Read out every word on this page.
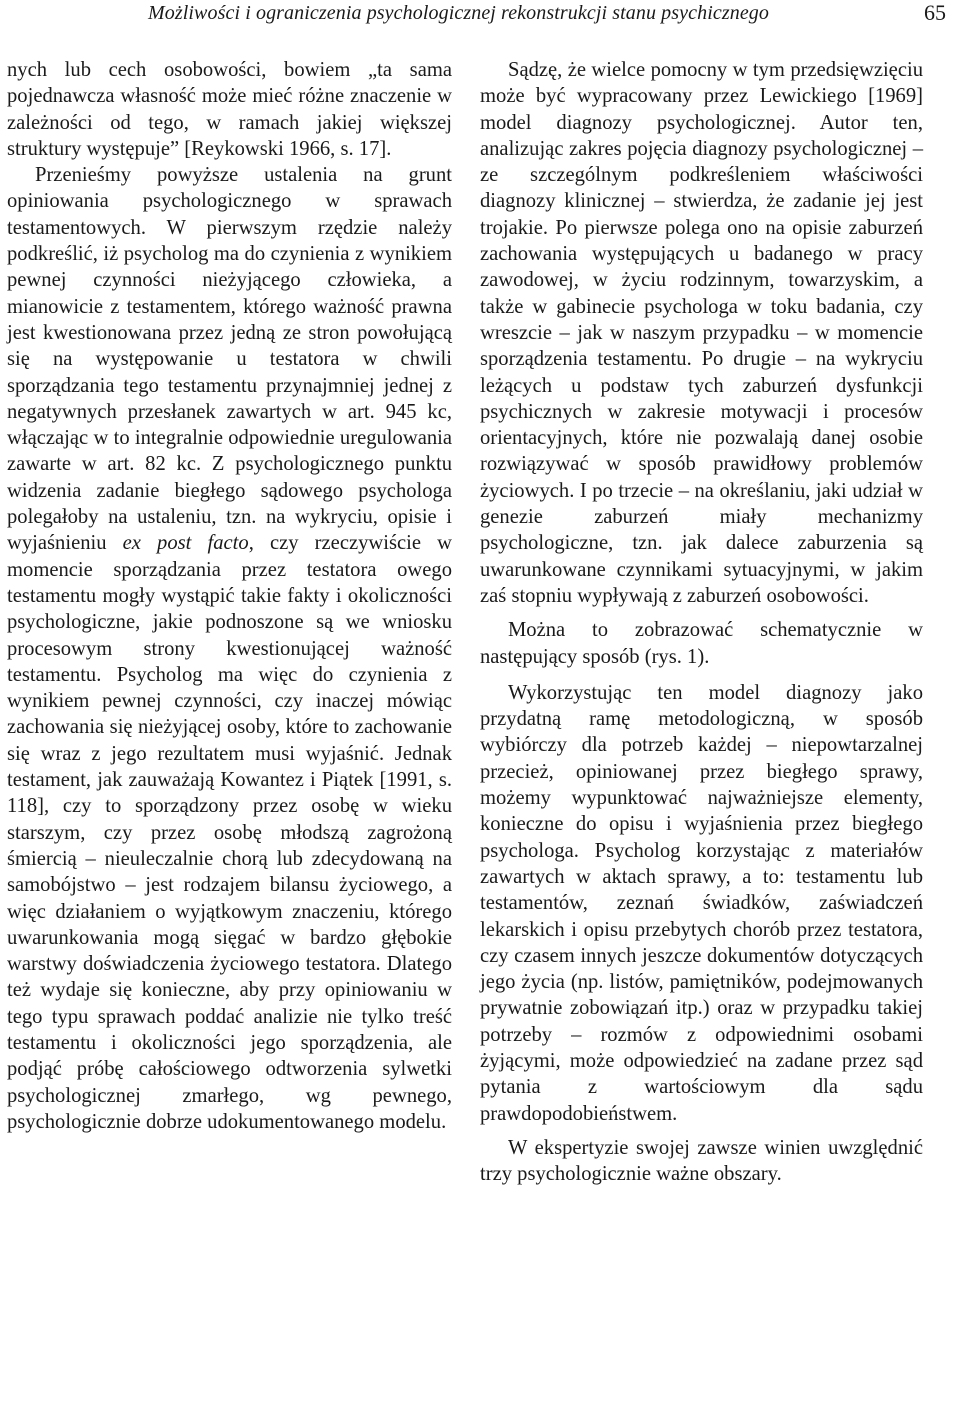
Możliwości i ograniczenia psychologicznej rekonstrukcji stanu psychicznego	65

nych lub cech osobowości, bowiem „ta sama pojednawcza własność może mieć różne znaczenie w zależności od tego, w ramach jakiej większej struktury występuje” [Reykowski 1966, s. 17].

Przenieśmy powyższe ustalenia na grunt opiniowania psychologicznego w sprawach testamentowych. W pierwszym rzędzie należy podkreślić, iż psycholog ma do czynienia z wynikiem pewnej czynności nieżyjącego człowieka, a mianowicie z testamentem, którego ważność prawna jest kwestionowana przez jedną ze stron powołującą się na występowanie u testatora w chwili sporządzania tego testamentu przynajmniej jednej z negatywnych przesłanek zawartych w art. 945 kc, włączając w to integralnie odpowiednie uregulowania zawarte w art. 82 kc. Z psychologicznego punktu widzenia zadanie biegłego sądowego psychologa polegałoby na ustaleniu, tzn. na wykryciu, opisie i wyjaśnieniu ex post facto, czy rzeczywiście w momencie sporządzania przez testatora owego testamentu mogły wystąpić takie fakty i okoliczności psychologiczne, jakie podnoszone są we wniosku procesowym strony kwestionującej ważność testamentu. Psycholog ma więc do czynienia z wynikiem pewnej czynności, czy inaczej mówiąc zachowania się nieżyjącej osoby, które to zachowanie się wraz z jego rezultatem musi wyjaśnić. Jednak testament, jak zauważają Kowantez i Piątek [1991, s. 118], czy to sporządzony przez osobę w wieku starszym, czy przez osobę młodszą zagrożoną śmiercią – nieuleczalnie chorą lub zdecydowaną na samobójstwo – jest rodzajem bilansu życiowego, a więc działaniem o wyjątkowym znaczeniu, którego uwarunkowania mogą sięgać w bardzo głębokie warstwy doświadczenia życiowego testatora. Dlatego też wydaje się konieczne, aby przy opiniowaniu w tego typu sprawach poddać analizie nie tylko treść testamentu i okoliczności jego sporządzenia, ale podjąć próbę całościowego odtworzenia sylwetki psychologicznej zmarłego, wg pewnego, psychologicznie dobrze udokumentowanego modelu.

Sądzę, że wielce pomocny w tym przedsięwzięciu może być wypracowany przez Lewickiego [1969] model diagnozy psychologicznej. Autor ten, analizując zakres pojęcia diagnozy psychologicznej – ze szczególnym podkreśleniem właściwości diagnozy klinicznej – stwierdza, że zadanie jej jest trojakie. Po pierwsze polega ono na opisie zaburzeń zachowania występujących u badanego w pracy zawodowej, w życiu rodzinnym, towarzyskim, a także w gabinecie psychologa w toku badania, czy wreszcie – jak w naszym przypadku – w momencie sporządzenia testamentu. Po drugie – na wykryciu leżących u podstaw tych zaburzeń dysfunkcji psychicznych w zakresie motywacji i procesów orientacyjnych, które nie pozwalają danej osobie rozwiązywać w sposób prawidłowy problemów życiowych. I po trzecie – na określaniu, jaki udział w genezie zaburzeń miały mechanizmy psychologiczne, tzn. jak dalece zaburzenia są uwarunkowane czynnikami sytuacyjnymi, w jakim zaś stopniu wypływają z zaburzeń osobowości.

Można to zobrazować schematycznie w następujący sposób (rys. 1).

Wykorzystując ten model diagnozy jako przydatną ramę metodologiczną, w sposób wybiórczy dla potrzeb każdej – niepowtarzalnej przecież, opiniowanej przez biegłego sprawy, możemy wypunktować najważniejsze elementy, konieczne do opisu i wyjaśnienia przez biegłego psychologa. Psycholog korzystając z materiałów zawartych w aktach sprawy, a to: testamentu lub testamentów, zeznań świadków, zaświadczeń lekarskich i opisu przebytych chorób przez testatora, czy czasem innych jeszcze dokumentów dotyczących jego życia (np. listów, pamiętników, podejmowanych prywatnie zobowiązań itp.) oraz w przypadku takiej potrzeby – rozmów z odpowiednimi osobami żyjącymi, może odpowiedzieć na zadane przez sąd pytania z wartościowym dla sądu prawdopodobieństwem.

W ekspertyzie swojej zawsze winien uwzględnić trzy psychologicznie ważne obszary.
